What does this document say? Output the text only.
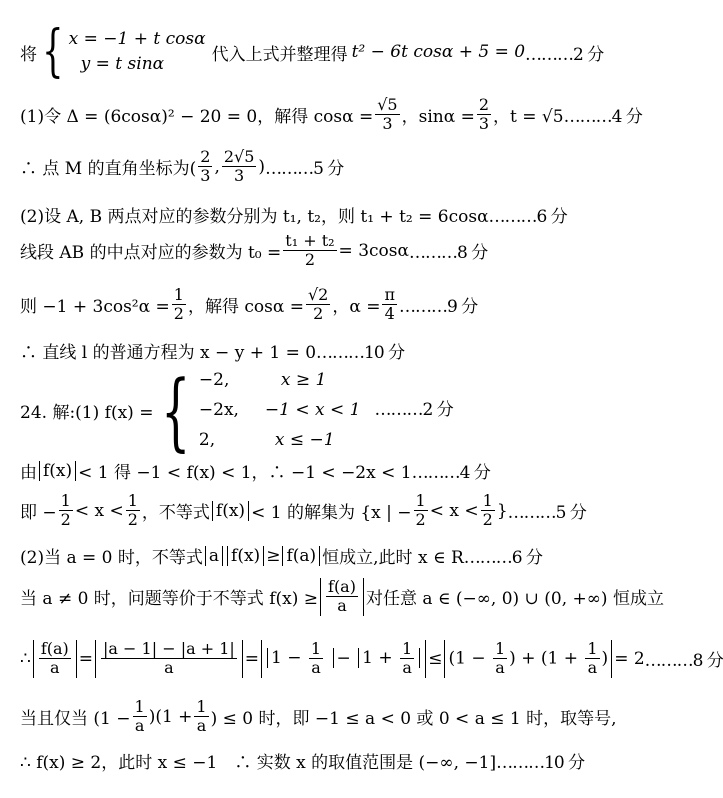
将 { x = −1 + t cosα
y = t sinα	代入上式并整理得 t² − 6t cosα + 5 = 0 ………2 分
(1)令 Δ = (6cosα)² − 20 = 0，解得 $\cos\alpha = \frac{√5}{3}$ ，$\sin\alpha = \frac{2}{3}$ ，t = √5 ………4 分
∴ 点 M 的直角坐标为( $\frac{2}{3}$ , $\frac{2√5}{3}$ ) ………5 分
(2)设 A, B 两点对应的参数分别为 t₁, t₂，则 t₁ + t₂ = 6cosα ………6 分
线段 AB 的中点对应的参数为 $t_0 = \frac{\text{t₁ + t₂}}{2} = 3\cos\alpha$ ………8 分
则 $-1 + 3\cos^2\alpha = \frac{1}{2}$ ，解得 $\cos\alpha = \frac{√2}{2}$ ，$\alpha = \frac{\pi}{4}$ ………9 分
∴ 直线 l 的普通方程为 x − y + 1 = 0 ………10 分
24. 解:(1) f(x) = { −2,	x ≥ 1
−2x,	−1 < x < 1 ………2 分
2,	x ≤ −1
由 f(x) < 1 得 −1 < f(x) < 1，∴ −1 < −2x < 1 ………4 分
即 − $\frac{1}{2} < x < \frac{1}{2}$ ，不等式 f(x) < 1 的解集为 {x | − $\frac{1}{2} < x < \frac{1}{2}$ } ………5 分
(2)当 a = 0 时，不等式 a f(x) ≥ f(a) 恒成立,此时 x ∈ R ………6 分
当 a ≠ 0 时，问题等价于不等式 $f(x) \ge \frac{f(a)}{a}$ 对任意 a ∈ (−∞, 0) ∪ (0, +∞) 恒成立
∴ $\frac{f(a)}{a} = \frac{|a - 1| - |a + 1|}{a} = 1 - \frac{1}{a} - 1 + \frac{1}{a} \le (1 - \frac{1}{a}$ ) + ($1 + \frac{1}{a}$ ) = 2 ………8 分
当且仅当 $(1 - \frac{1}{a} )(1 + \frac{1}{a}$ ) ≤ 0 时，即 −1 ≤ a < 0 或 0 < a ≤ 1 时，取等号,
∴ f(x) ≥ 2，此时 x ≤ −1　∴ 实数 x 的取值范围是 (−∞, −1] ………10 分
